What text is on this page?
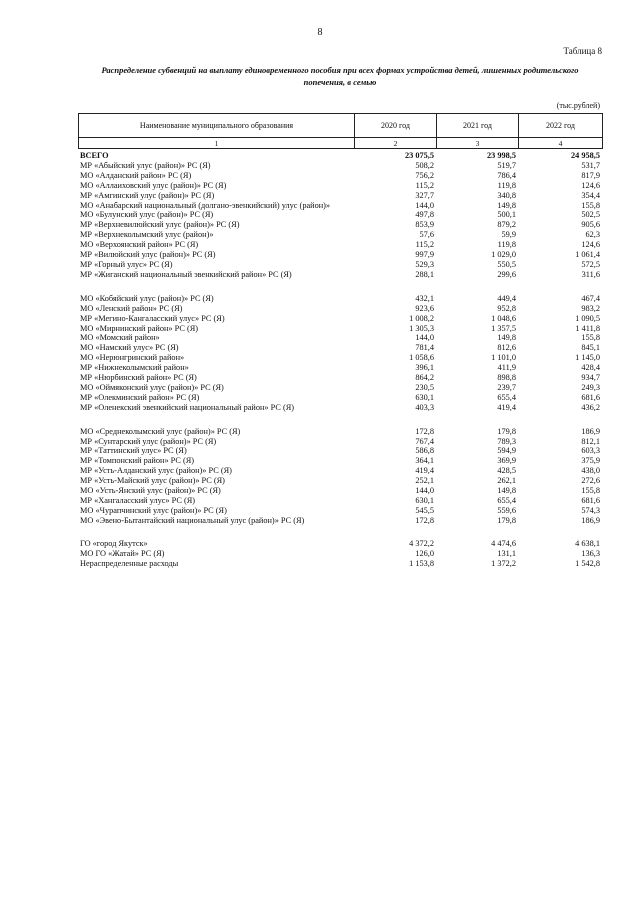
8
Таблица 8
Распределение субвенций на выплату единовременного пособия при всех формах устройства детей, лишенных родительского попечения, в семью
(тыс.рублей)
Наименование муниципального образования	2020 год	2021 год	2022 год
1	2	3	4
ВСЕГО	23 075,5	23 998,5	24 958,5
МР «Абыйский улус (район)» РС (Я)	508,2	519,7	531,7
МО «Алданский район» РС (Я)	756,2	786,4	817,9
МО «Аллаиховский улус (район)» РС (Я)	115,2	119,8	124,6
МР «Амгинский улус (район)» РС (Я)	327,7	340,8	354,4
МО «Анабарский национальный (долгано-эвенкийский) улус (район)»	144,0	149,8	155,8
МО «Булунский улус (район)» РС (Я)	497,8	500,1	502,5
МР «Верхневилюйский улус (район)» РС (Я)	853,9	879,2	905,6
МР «Верхнеколымский улус (район)»	57,6	59,9	62,3
МО «Верхоянский район» РС (Я)	115,2	119,8	124,6
МР «Вилюйский улус (район)» РС (Я)	997,9	1 029,0	1 061,4
МР «Горный улус» РС (Я)	529,3	550,5	572,5
МР «Жиганский национальный эвенкийский район» РС (Я)	288,1	299,6	311,6
МО «Кобяйский улус (район)» РС (Я)	432,1	449,4	467,4
МО «Ленский район» РС (Я)	923,6	952,8	983,2
МР «Мегино-Кангаласский улус» РС (Я)	1 008,2	1 048,6	1 090,5
МО «Мирнинский район» РС (Я)	1 305,3	1 357,5	1 411,8
МО «Момский район»	144,0	149,8	155,8
МО «Намский улус» РС (Я)	781,4	812,6	845,1
МО «Нерюнгринский район»	1 058,6	1 101,0	1 145,0
МР «Нижнеколымский район»	396,1	411,9	428,4
МР «Нюрбинский район» РС (Я)	864,2	898,8	934,7
МО «Оймяконский улус (район)» РС (Я)	230,5	239,7	249,3
МР «Олекминский район» РС (Я)	630,1	655,4	681,6
МР «Оленекский эвенкийский национальный район» РС (Я)	403,3	419,4	436,2
МО «Среднеколымский улус (район)» РС (Я)	172,8	179,8	186,9
МР «Сунтарский улус (район)» РС (Я)	767,4	789,3	812,1
МР «Таттинский улус» РС (Я)	586,8	594,9	603,3
МР «Томпонский район» РС (Я)	364,1	369,9	375,9
МР «Усть-Алданский улус (район)» РС (Я)	419,4	428,5	438,0
МР «Усть-Майский улус (район)» РС (Я)	252,1	262,1	272,6
МО «Усть-Янский улус (район)» РС (Я)	144,0	149,8	155,8
МР «Хангаласский улус» РС (Я)	630,1	655,4	681,6
МО «Чурапчинский улус (район)» РС (Я)	545,5	559,6	574,3
МО «Эвено-Бытантайский национальный улус (район)» РС (Я)	172,8	179,8	186,9
ГО «город Якутск»	4 372,2	4 474,6	4 638,1
МО ГО «Жатай» РС (Я)	126,0	131,1	136,3
Нераспределенные расходы	1 153,8	1 372,2	1 542,8
